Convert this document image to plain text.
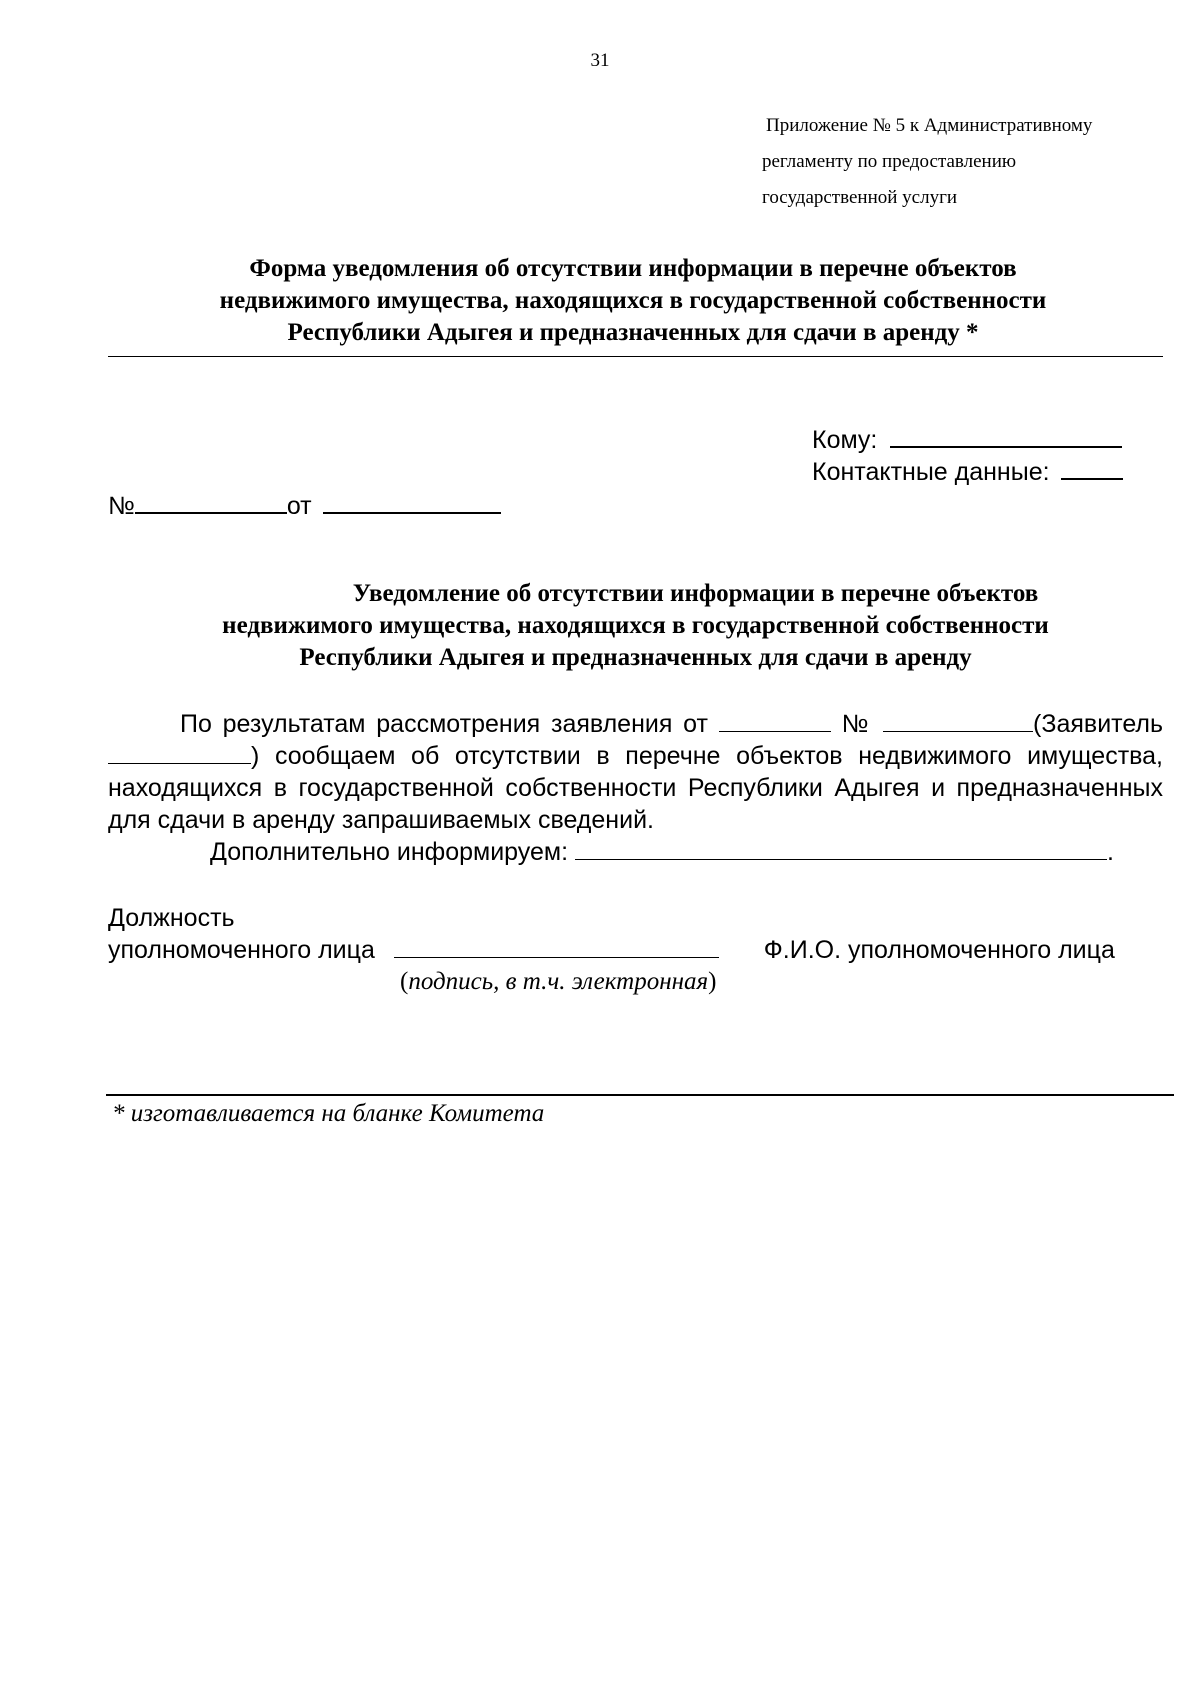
31
Приложение № 5 к Административному
регламенту по предоставлению
государственной услуги
Форма уведомления об отсутствии информации в перечне объектов
недвижимого имущества, находящихся в государственной собственности
Республики Адыгея и предназначенных для сдачи в аренду *
Кому:
Контактные данные:
№	от
Уведомление об отсутствии информации в перечне объектов
недвижимого имущества, находящихся в государственной собственности
Республики Адыгея и предназначенных для сдачи в аренду

По результатам рассмотрения заявления от	№	(Заявитель ) сообщаем об отсутствии в перечне объектов недвижимого имущества, находящихся в государственной собственности Республики Адыгея и предназначенных для сдачи в аренду запрашиваемых сведений.

Дополнительно информируем:	.

Должность
уполномоченного лица	Ф.И.О. уполномоченного лица
(подпись, в т.ч. электронная)
* изготавливается на бланке Комитета
